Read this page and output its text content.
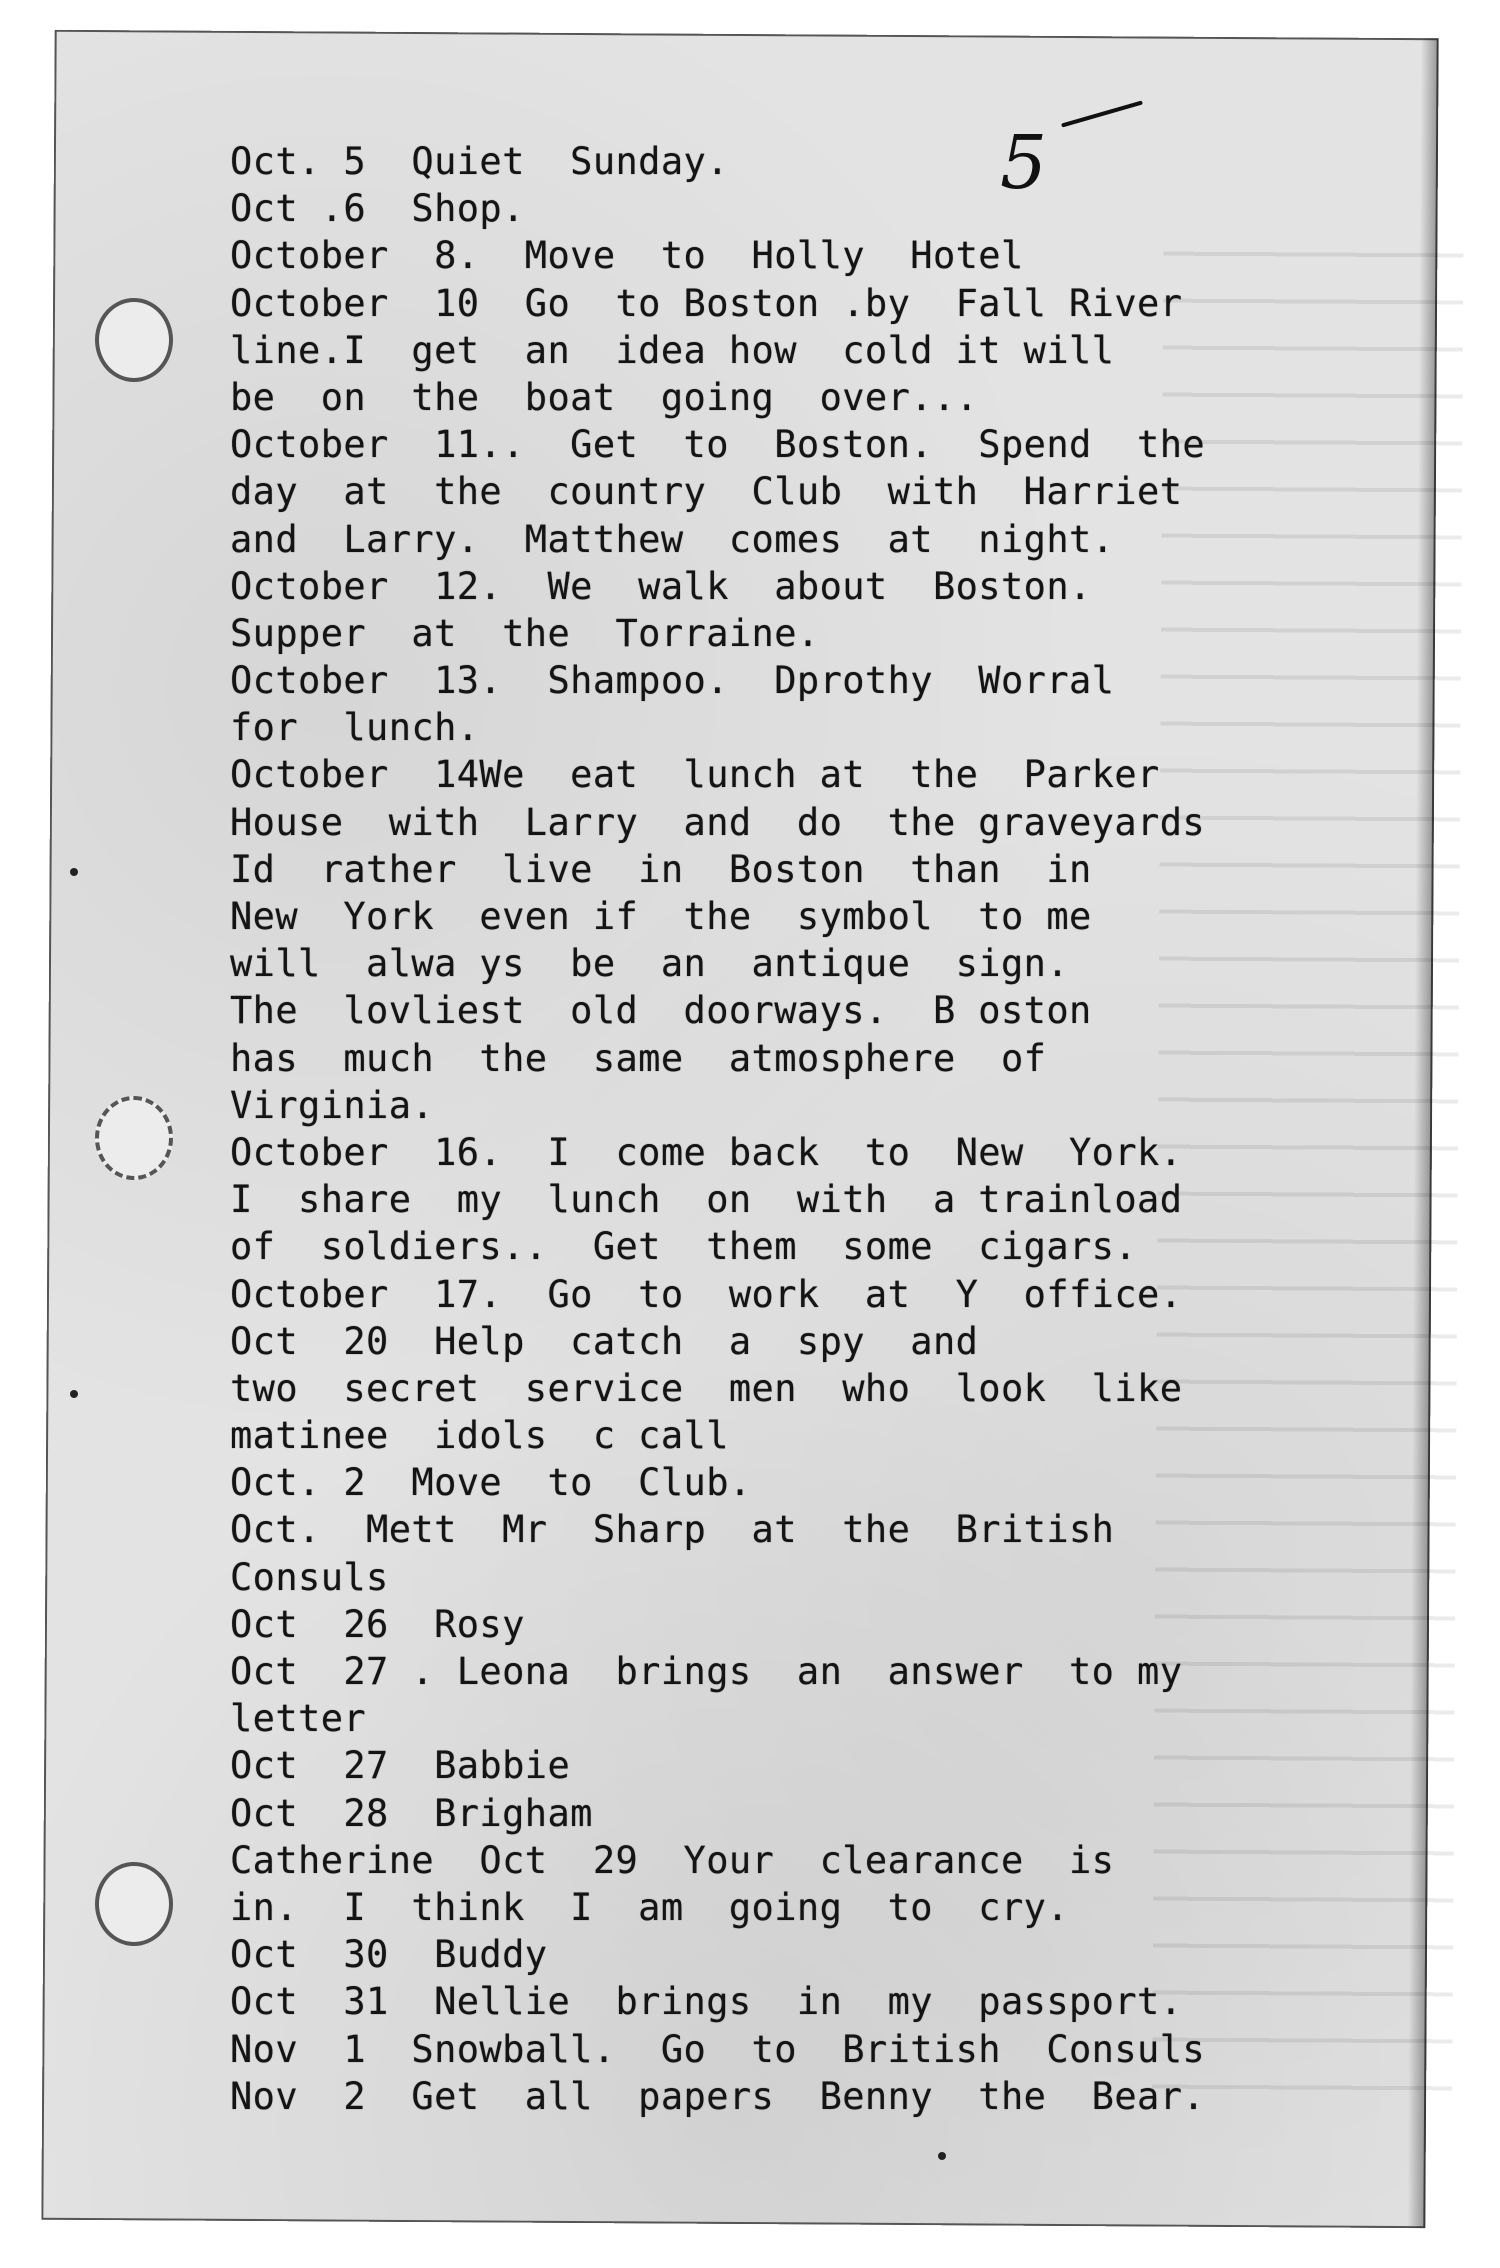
5
Oct. 5  Quiet  Sunday.
Oct .6  Shop.
October  8.  Move  to  Holly  Hotel
October  10  Go  to Boston .by  Fall River
line.I  get  an  idea how  cold it will
be  on  the  boat  going  over...
October  11..  Get  to  Boston.  Spend  the
day  at  the  country  Club  with  Harriet
and  Larry.  Matthew  comes  at  night.
October  12.  We  walk  about  Boston.
Supper  at  the  Torraine.
October  13.  Shampoo.  Dprothy  Worral
for  lunch.
October  14We  eat  lunch at  the  Parker
House  with  Larry  and  do  the graveyards
Id  rather  live  in  Boston  than  in
New  York  even if  the  symbol  to me
will  alwa ys  be  an  antique  sign.
The  lovliest  old  doorways.  B oston
has  much  the  same  atmosphere  of
Virginia.
October  16.  I  come back  to  New  York.
I  share  my  lunch  on  with  a trainload
of  soldiers..  Get  them  some  cigars.
October  17.  Go  to  work  at  Y  office.
Oct  20  Help  catch  a  spy  and
two  secret  service  men  who  look  like
matinee  idols  c call
Oct. 2  Move  to  Club.
Oct.  Mett  Mr  Sharp  at  the  British
Consuls
Oct  26  Rosy
Oct  27 . Leona  brings  an  answer  to my
letter
Oct  27  Babbie
Oct  28  Brigham
Catherine  Oct  29  Your  clearance  is
in.  I  think  I  am  going  to  cry.
Oct  30  Buddy
Oct  31  Nellie  brings  in  my  passport.
Nov  1  Snowball.  Go  to  British  Consuls
Nov  2  Get  all  papers  Benny  the  Bear.
